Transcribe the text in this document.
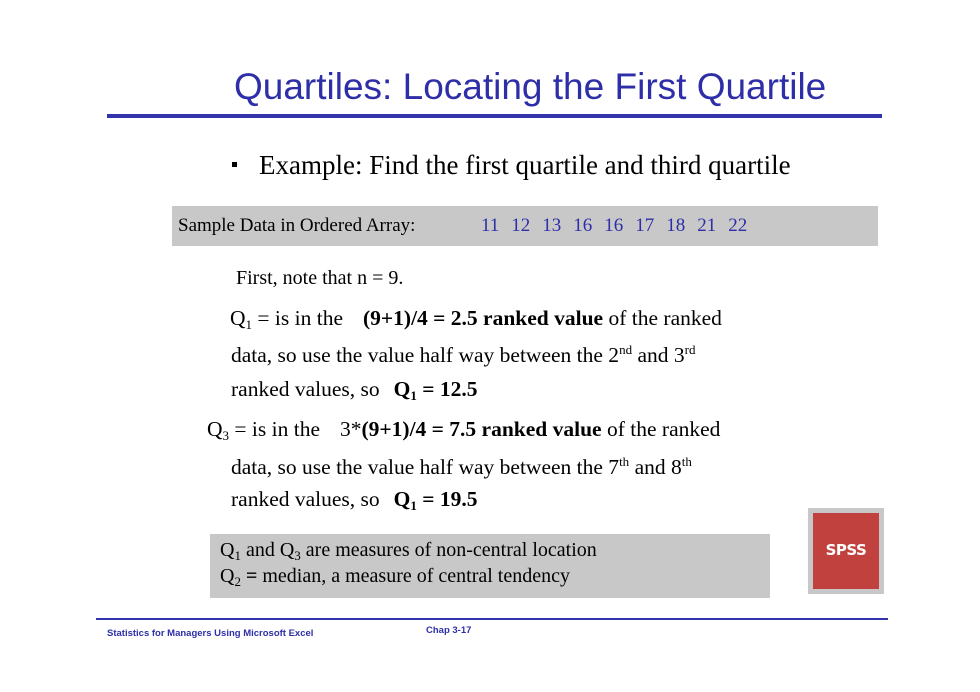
Quartiles: Locating the First Quartile
Example: Find the first quartile and third quartile
Sample Data in Ordered Array:	11 12 13 16 16 17 18 21 22
First, note that n = 9.
$Q_1$ = is in the (9+1)/4 = 2.5 ranked value of the ranked
data, so use the value half way between the 2nd and 3rd
ranked values, so $Q_1 = 12.5$
$Q_3$ = is in the 3*(9+1)/4 = 7.5 ranked value of the ranked
data, so use the value half way between the 7th and 8th
ranked values, so $Q_1 = 19.5$
$Q_1$ and $Q_3$ are measures of non-central location
$Q_2$ = median, a measure of central tendency
SPSS
Statistics for Managers Using Microsoft Excel	Chap 3-17
